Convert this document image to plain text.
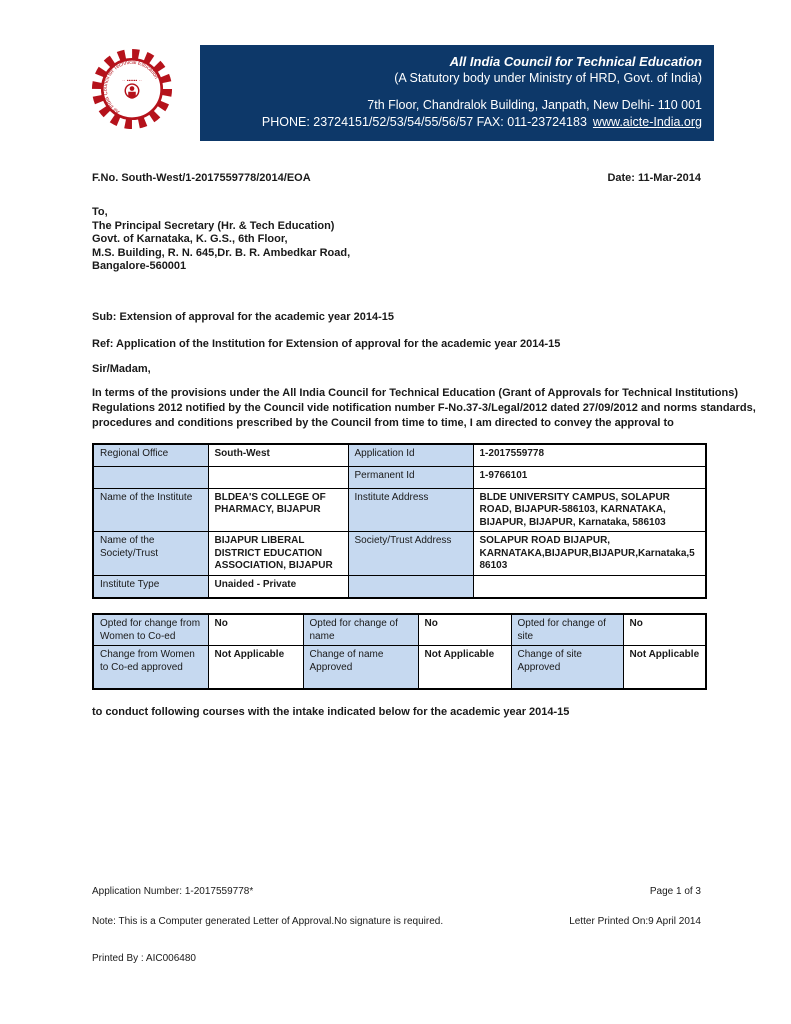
All India Council for Technical Education
·· •••••• ··
All India Council for Technical Education
(A Statutory body under Ministry of HRD, Govt. of India)
7th Floor, Chandralok Building, Janpath, New Delhi- 110 001
PHONE: 23724151/52/53/54/55/56/57 FAX: 011-23724183 www.aicte-India.org
F.No. South-West/1-2017559778/2014/EOA	Date: 11-Mar-2014
To,
The Principal Secretary (Hr. & Tech Education)
Govt. of Karnataka, K. G.S., 6th Floor,
M.S. Building, R. N. 645,Dr. B. R. Ambedkar Road,
Bangalore-560001
Sub: Extension of approval for the academic year 2014-15
Ref: Application of the Institution for Extension of approval for the academic year 2014-15
Sir/Madam,
In terms of the provisions under the All India Council for Technical Education (Grant of Approvals for Technical Institutions)
Regulations 2012 notified by the Council vide notification number F-No.37-3/Legal/2012 dated 27/09/2012 and norms standards,
procedures and conditions prescribed by the Council from time to time, I am directed to convey the approval to
Regional Office	South-West	Application Id	1-2017559778
		Permanent Id	1-9766101
Name of the Institute	BLDEA'S COLLEGE OF PHARMACY, BIJAPUR	Institute Address	BLDE UNIVERSITY CAMPUS, SOLAPUR ROAD, BIJAPUR-586103, KARNATAKA, BIJAPUR, BIJAPUR, Karnataka, 586103
Name of the Society/Trust	BIJAPUR LIBERAL DISTRICT EDUCATION ASSOCIATION, BIJAPUR	Society/Trust Address	SOLAPUR ROAD BIJAPUR, KARNATAKA,BIJAPUR,BIJAPUR,Karnataka,586103
Institute Type	Unaided - Private		
Opted for change from Women to Co-ed	No	Opted for change of name	No	Opted for change of site	No
Change from Women to Co-ed approved	Not Applicable	Change of name Approved	Not Applicable	Change of site Approved	Not Applicable
to conduct following courses with the intake indicated below for the academic year 2014-15
Application Number: 1-2017559778*	Page 1 of 3
Note: This is a Computer generated Letter of Approval.No signature is required.	Letter Printed On:9 April 2014
Printed By : AIC006480
